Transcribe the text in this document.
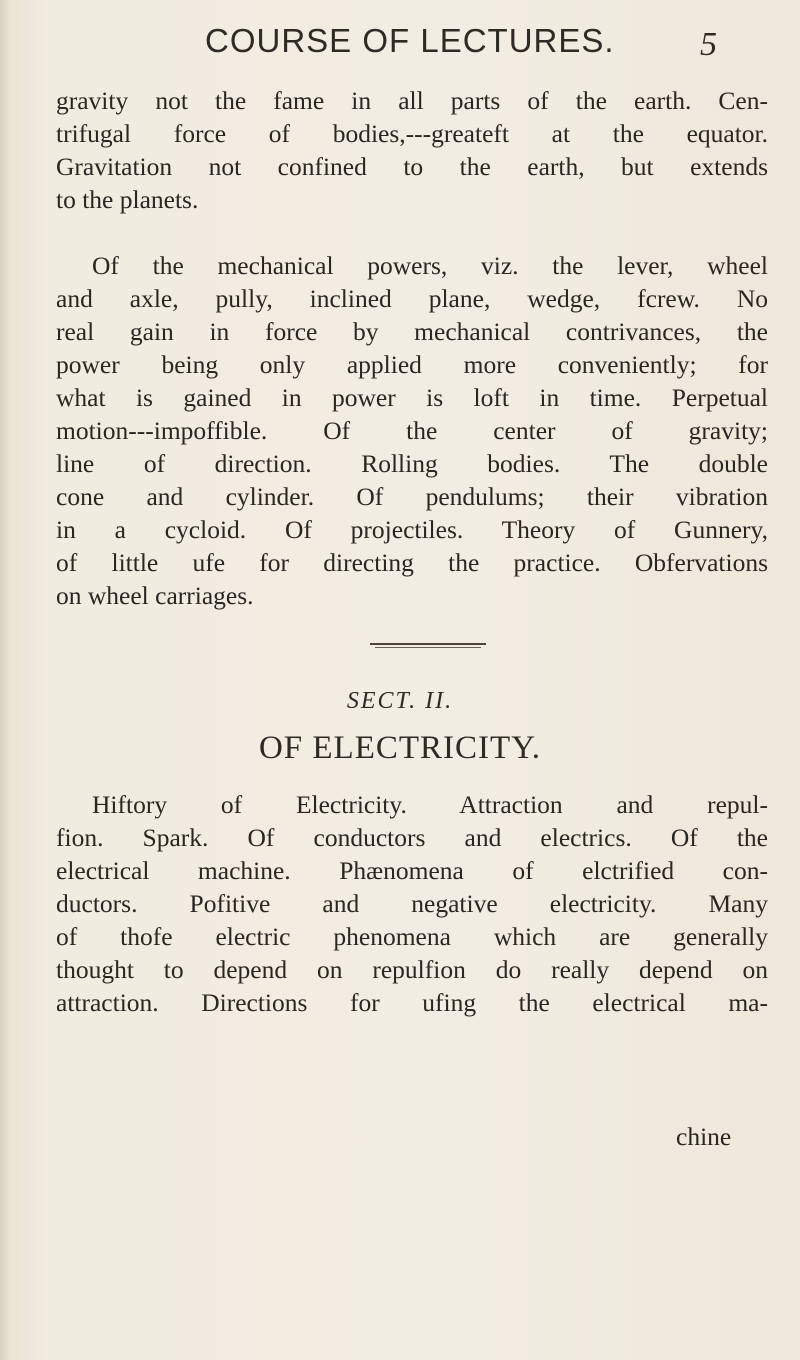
COURSE OF LECTURES.	5
gravity not the fame in all parts of the earth. Cen-
trifugal force of bodies,---greateft at the equator.
Gravitation not confined to the earth, but extends
to the planets.
Of the mechanical powers, viz. the lever, wheel
and axle, pully, inclined plane, wedge, fcrew. No
real gain in force by mechanical contrivances, the
power being only applied more conveniently; for
what is gained in power is loft in time. Perpetual
motion---impoffible. Of the center of gravity;
line of direction. Rolling bodies. The double
cone and cylinder. Of pendulums; their vibration
in a cycloid. Of projectiles. Theory of Gunnery,
of little ufe for directing the practice. Obfervations
on wheel carriages.
SECT. II.
OF ELECTRICITY.
Hiftory of Electricity. Attraction and repul-
fion. Spark. Of conductors and electrics. Of the
electrical machine. Phænomena of elctrified con-
ductors. Pofitive and negative electricity. Many
of thofe electric phenomena which are generally
thought to depend on repulfion do really depend on
attraction. Directions for ufing the electrical ma-
chine
